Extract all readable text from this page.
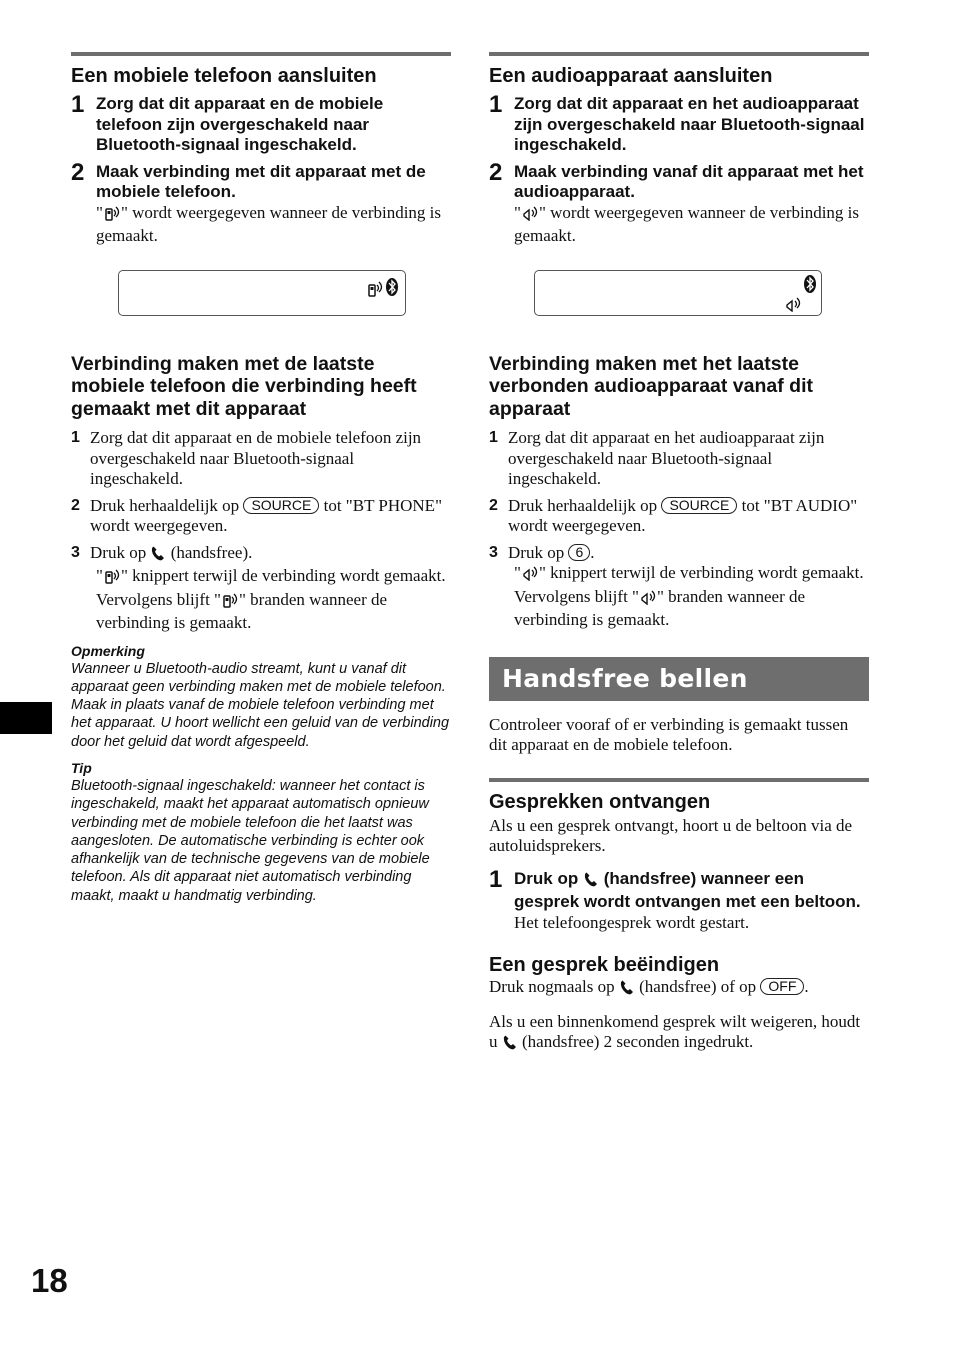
Een mobiele telefoon aansluiten
1 Zorg dat dit apparaat en de mobiele telefoon zijn overgeschakeld naar Bluetooth-signaal ingeschakeld.
2 Maak verbinding met dit apparaat met de mobiele telefoon.
" " wordt weergegeven wanneer de verbinding is gemaakt.
Verbinding maken met de laatste mobiele telefoon die verbinding heeft gemaakt met dit apparaat
1 Zorg dat dit apparaat en de mobiele telefoon zijn overgeschakeld naar Bluetooth-signaal ingeschakeld.
2 Druk herhaaldelijk op SOURCE tot "BT PHONE" wordt weergegeven.
3 Druk op (handsfree).
" " knippert terwijl de verbinding wordt gemaakt. Vervolgens blijft " " branden wanneer de verbinding is gemaakt.

Opmerking

Wanneer u Bluetooth-audio streamt, kunt u vanaf dit apparaat geen verbinding maken met de mobiele telefoon. Maak in plaats vanaf de mobiele telefoon verbinding met het apparaat. U hoort wellicht een geluid van de verbinding door het geluid dat wordt afgespeeld.

Tip

Bluetooth-signaal ingeschakeld: wanneer het contact is ingeschakeld, maakt het apparaat automatisch opnieuw verbinding met de mobiele telefoon die het laatst was aangesloten. De automatische verbinding is echter ook afhankelijk van de technische gegevens van de mobiele telefoon. Als dit apparaat niet automatisch verbinding maakt, maakt u handmatig verbinding.

Een audioapparaat aansluiten
1 Zorg dat dit apparaat en het audioapparaat zijn overgeschakeld naar Bluetooth-signaal ingeschakeld.
2 Maak verbinding vanaf dit apparaat met het audioapparaat.
" " wordt weergegeven wanneer de verbinding is gemaakt.
Verbinding maken met het laatste verbonden audioapparaat vanaf dit apparaat
1 Zorg dat dit apparaat en het audioapparaat zijn overgeschakeld naar Bluetooth-signaal ingeschakeld.
2 Druk herhaaldelijk op SOURCE tot "BT AUDIO" wordt weergegeven.
3 Druk op 6 .
" " knippert terwijl de verbinding wordt gemaakt. Vervolgens blijft " " branden wanneer de verbinding is gemaakt.
Handsfree bellen
Controleer vooraf of er verbinding is gemaakt tussen dit apparaat en de mobiele telefoon.
Gesprekken ontvangen
Als u een gesprek ontvangt, hoort u de beltoon via de autoluidsprekers.
1 Druk op (handsfree) wanneer een gesprek wordt ontvangen met een beltoon.
Het telefoongesprek wordt gestart.
Een gesprek beëindigen
Druk nogmaals op (handsfree) of op OFF .
Als u een binnenkomend gesprek wilt weigeren, houdt u (handsfree) 2 seconden ingedrukt.
18
